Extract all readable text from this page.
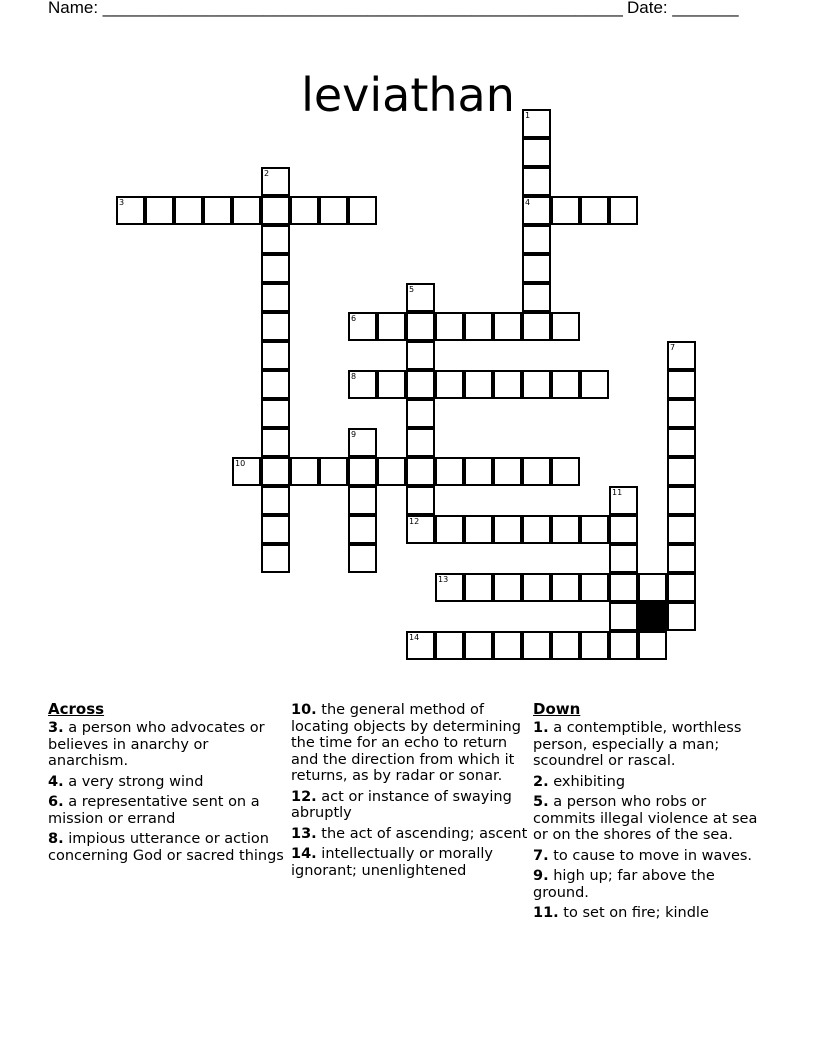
Name: _______________________________________________________ Date: _______
leviathan	1
4
2
3
5
12
6
7
8
9
10
11
13
14
Across
3. a person who advocates or believes in anarchy or anarchism.
4. a very strong wind
6. a representative sent on a mission or errand
8. impious utterance or action concerning God or sacred things
10. the general method of locating objects by determining the time for an echo to return and the direction from which it returns, as by radar or sonar.
12. act or instance of swaying abruptly
13. the act of ascending; ascent
14. intellectually or morally ignorant; unenlightened
Down
1. a contemptible, worthless person, especially a man; scoundrel or rascal.
2. exhibiting
5. a person who robs or commits illegal violence at sea or on the shores of the sea.
7. to cause to move in waves.
9. high up; far above the ground.
11. to set on fire; kindle
